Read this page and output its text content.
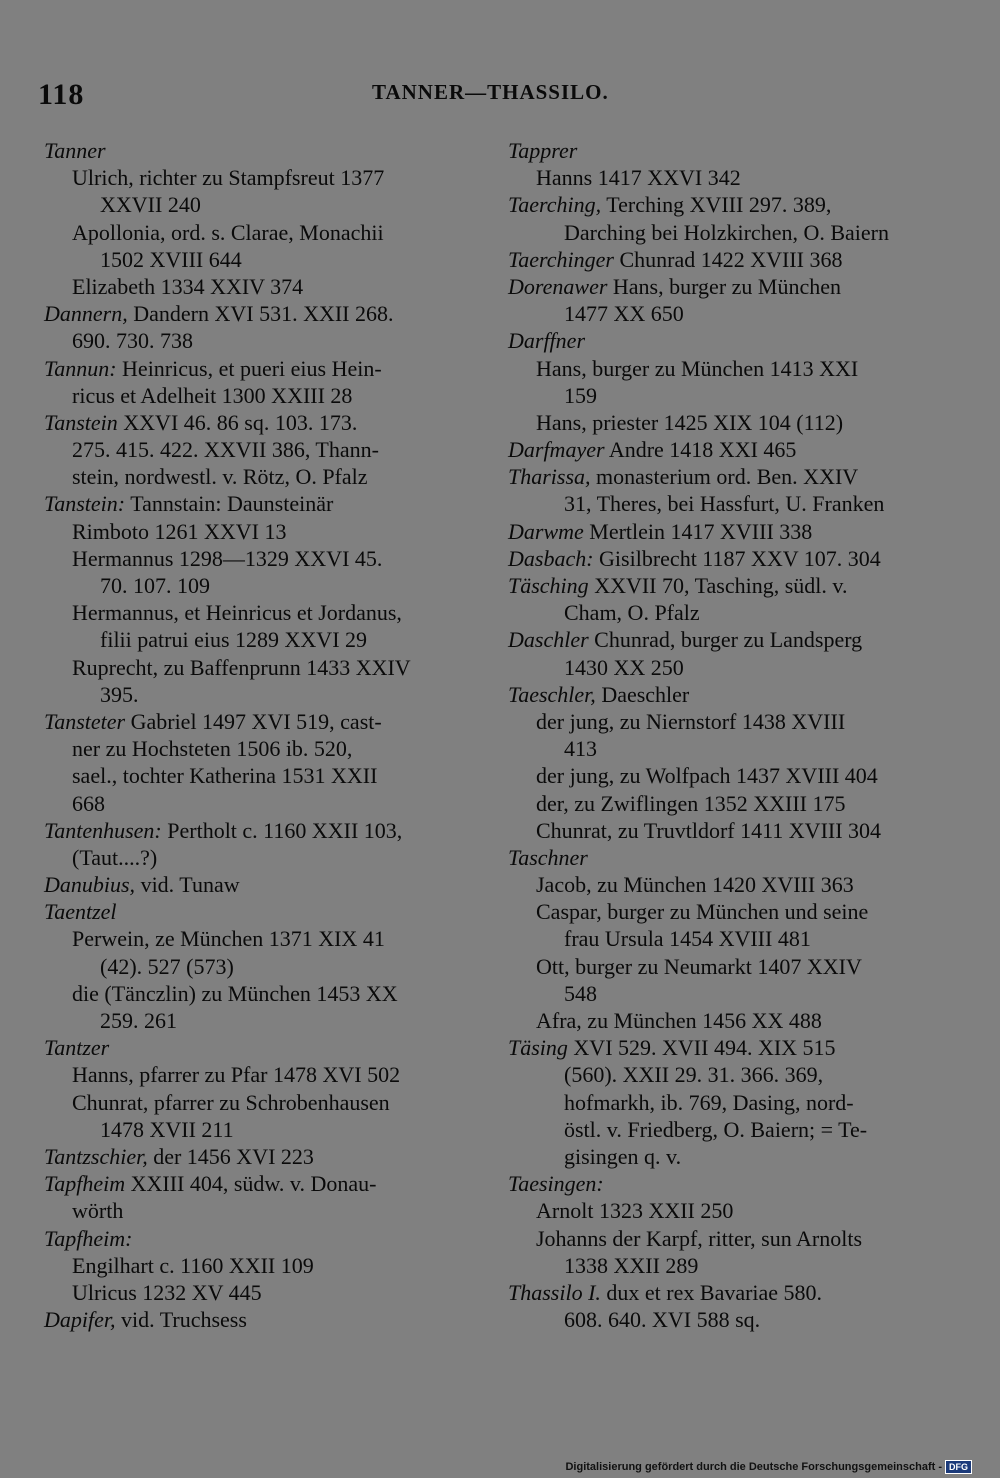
118	TANNER—THASSILO.
Tanner
Ulrich, richter zu Stampfsreut 1377
XXVII 240
Apollonia, ord. s. Clarae, Monachii
1502 XVIII 644
Elizabeth 1334 XXIV 374
Dannern, Dandern XVI 531. XXII 268.
690. 730. 738
Tannun: Heinricus, et pueri eius Hein-
ricus et Adelheit 1300 XXIII 28
Tanstein XXVI 46. 86 sq. 103. 173.
275. 415. 422. XXVII 386, Thann-
stein, nordwestl. v. Rötz, O. Pfalz
Tanstein: Tannstain: Daunsteinär
Rimboto 1261 XXVI 13
Hermannus 1298—1329 XXVI 45.
70. 107. 109
Hermannus, et Heinricus et Jordanus,
filii patrui eius 1289 XXVI 29
Ruprecht, zu Baffenprunn 1433 XXIV
395.
Tansteter Gabriel 1497 XVI 519, cast-
ner zu Hochsteten 1506 ib. 520,
sael., tochter Katherina 1531 XXII
668
Tantenhusen: Pertholt c. 1160 XXII 103,
(Taut....?)
Danubius, vid. Tunaw
Taentzel
Perwein, ze München 1371 XIX 41
(42). 527 (573)
die (Tänczlin) zu München 1453 XX
259. 261
Tantzer
Hanns, pfarrer zu Pfar 1478 XVI 502
Chunrat, pfarrer zu Schrobenhausen
1478 XVII 211
Tantzschier, der 1456 XVI 223
Tapfheim XXIII 404, südw. v. Donau-
wörth
Tapfheim:
Engilhart c. 1160 XXII 109
Ulricus 1232 XV 445
Dapifer, vid. Truchsess
Tapprer
Hanns 1417 XXVI 342
Taerching, Terching XVIII 297. 389,
Darching bei Holzkirchen, O. Baiern
Taerchinger Chunrad 1422 XVIII 368
Dorenawer Hans, burger zu München
1477 XX 650
Darffner
Hans, burger zu München 1413 XXI
159
Hans, priester 1425 XIX 104 (112)
Darfmayer Andre 1418 XXI 465
Tharissa, monasterium ord. Ben. XXIV
31, Theres, bei Hassfurt, U. Franken
Darwme Mertlein 1417 XVIII 338
Dasbach: Gisilbrecht 1187 XXV 107. 304
Täsching XXVII 70, Tasching, südl. v.
Cham, O. Pfalz
Daschler Chunrad, burger zu Landsperg
1430 XX 250
Taeschler, Daeschler
der jung, zu Niernstorf 1438 XVIII
413
der jung, zu Wolfpach 1437 XVIII 404
der, zu Zwiflingen 1352 XXIII 175
Chunrat, zu Truvtldorf 1411 XVIII 304
Taschner
Jacob, zu München 1420 XVIII 363
Caspar, burger zu München und seine
frau Ursula 1454 XVIII 481
Ott, burger zu Neumarkt 1407 XXIV
548
Afra, zu München 1456 XX 488
Täsing XVI 529. XVII 494. XIX 515
(560). XXII 29. 31. 366. 369,
hofmarkh, ib. 769, Dasing, nord-
östl. v. Friedberg, O. Baiern; = Te-
gisingen q. v.
Taesingen:
Arnolt 1323 XXII 250
Johanns der Karpf, ritter, sun Arnolts
1338 XXII 289
Thassilo I. dux et rex Bavariae 580.
608. 640. XVI 588 sq.
Digitalisierung gefördert durch die Deutsche Forschungsgemeinschaft - DFG
